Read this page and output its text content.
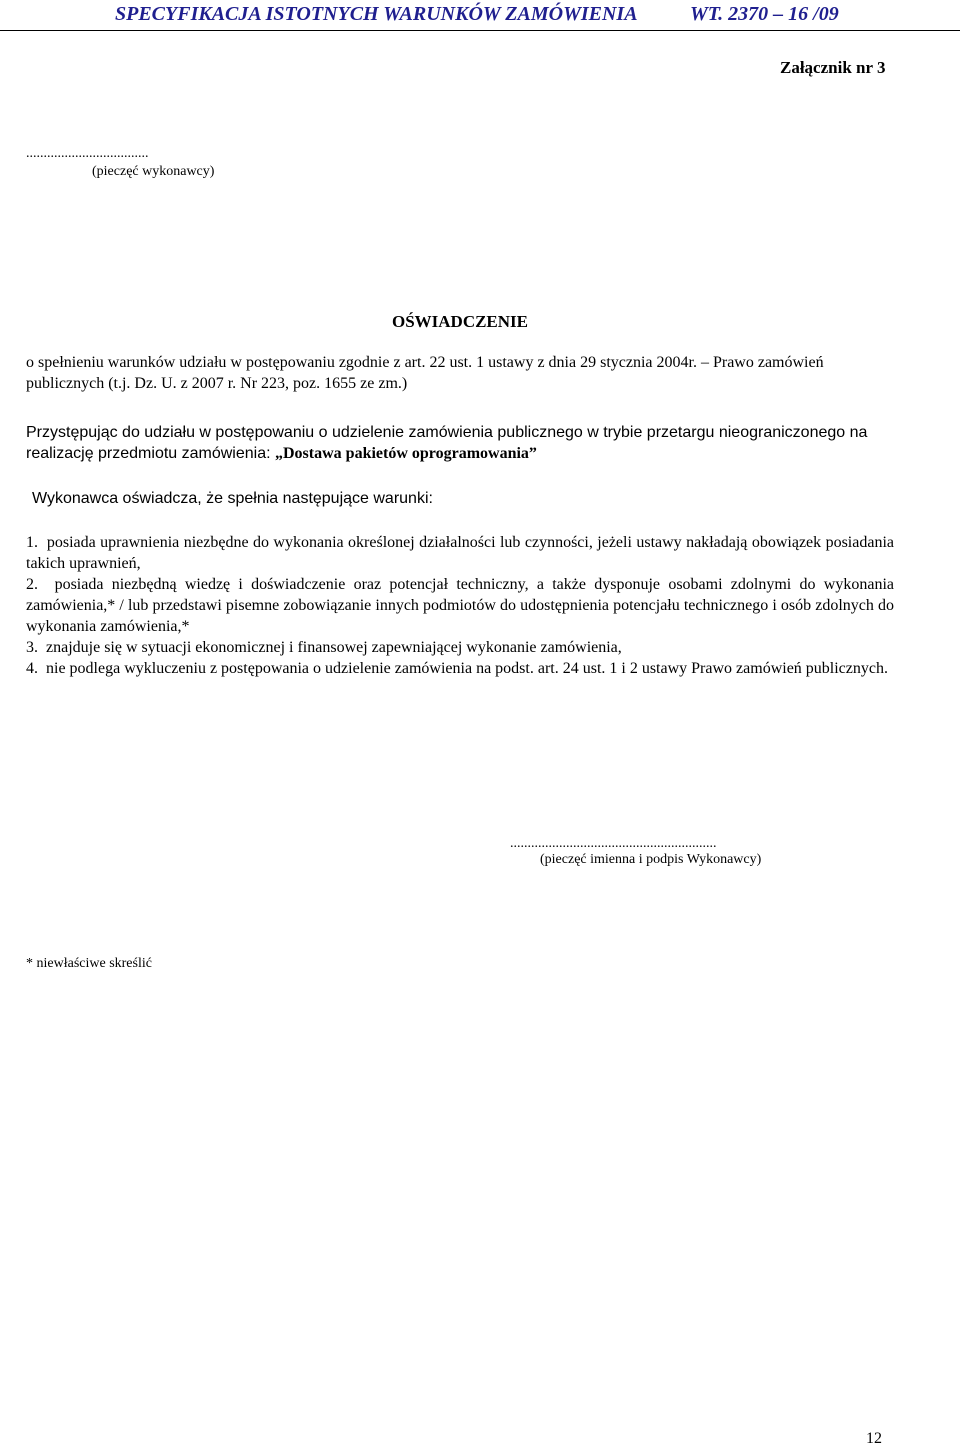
SPECYFIKACJA ISTOTNYCH WARUNKÓW ZAMÓWIENIA	WT. 2370 – 16 /09
Załącznik nr 3
...................................
(pieczęć wykonawcy)
OŚWIADCZENIE
o spełnieniu warunków udziału w postępowaniu zgodnie z art. 22 ust. 1 ustawy z dnia 29 stycznia 2004r. – Prawo zamówień publicznych (t.j. Dz. U. z 2007 r. Nr 223, poz. 1655 ze zm.)
Przystępując do udziału w postępowaniu o udzielenie zamówienia publicznego w trybie przetargu nieograniczonego na realizację przedmiotu zamówienia: „Dostawa pakietów oprogramowania”
Wykonawca oświadcza, że spełnia następujące warunki:

1. posiada uprawnienia niezbędne do wykonania określonej działalności lub czynności, jeżeli ustawy nakładają obowiązek posiadania takich uprawnień,

2. posiada niezbędną wiedzę i doświadczenie oraz potencjał techniczny, a także dysponuje osobami zdolnymi do wykonania zamówienia,* / lub przedstawi pisemne zobowiązanie innych podmiotów do udostępnienia potencjału technicznego i osób zdolnych do wykonania zamówienia,*

3. znajduje się w sytuacji ekonomicznej i finansowej zapewniającej wykonanie zamówienia,

4. nie podlega wykluczeniu z postępowania o udzielenie zamówienia na podst. art. 24 ust. 1 i 2 ustawy Prawo zamówień publicznych.

...........................................................
(pieczęć imienna i podpis Wykonawcy)
* niewłaściwe skreślić
12
